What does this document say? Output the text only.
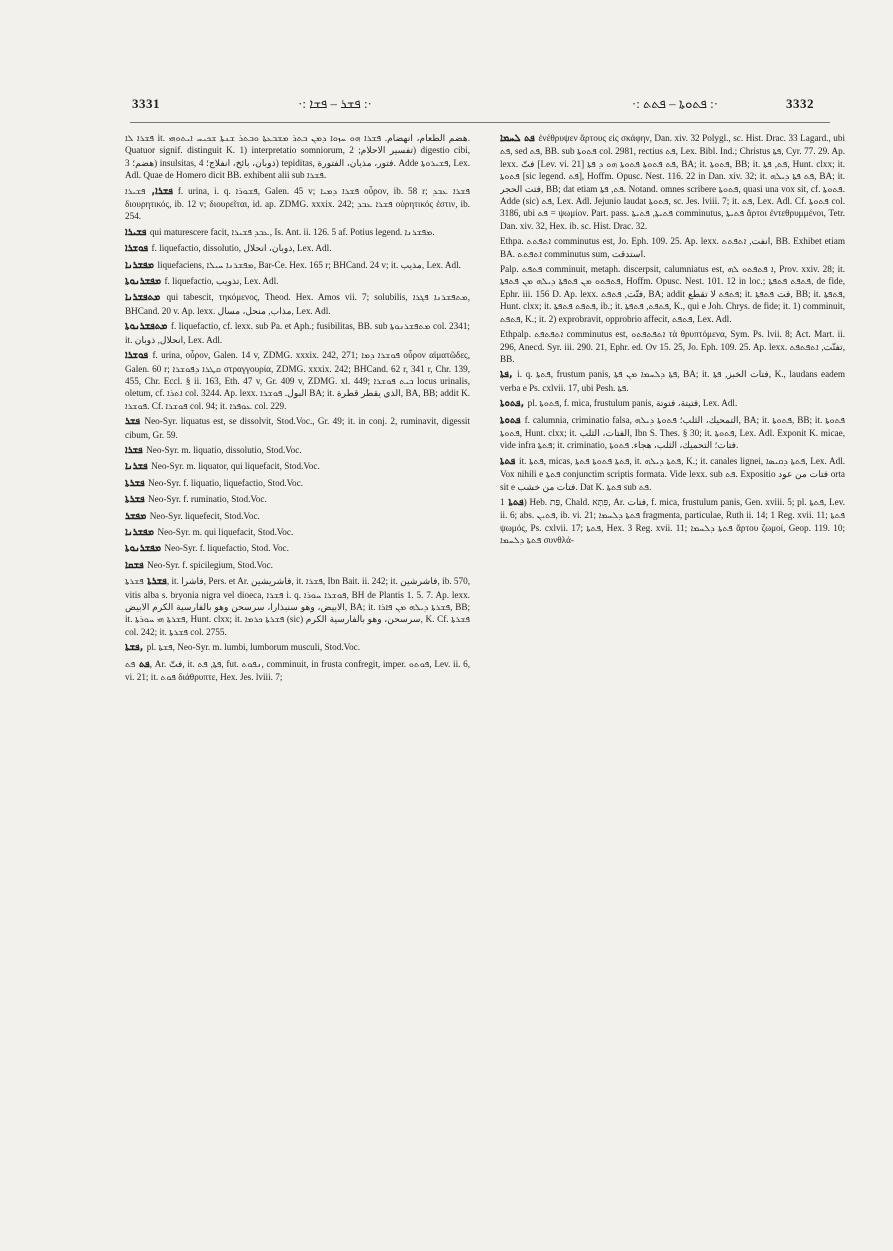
3331	·: ܦܫܪ – ܦܫܐ :·	·: ܦܬܘܬܐ – ܦܬܬ :·	3332

ܦܫܪܐ ܠܐ it. هضم الطعام، انهضام. ܦܫܪܐ ܗܘ ܚܙܘܐ ܕܡܢ ܒܬܪ ܡܫܒܥܬܐ ܘܒܬܪ ܫܢܬܐ ܫܟܝܚ ܐܝܬܘܗܝ. Quatuor signif. distinguit K. 1) interpretatio somniorum, تفسير الاحلام; 2) digestio cibi, هضم؛ 3) insulsitas, ذوبان، بائخ، انفلاج؛ 4) tepiditas, فتور، مذيان، الفتورة. Adde ܦܫܝܪܘܬܐ, Lex. Adl. Quae de Homero dicit BB. exhibent alii sub ܦܫܪܐ.

ܦܫܪܐ, ܦܫܝܪܐ f. urina, i. q. ܦܫܘܪܐ, Galen. 45 v; ܦܫܪܐ ܕܡܝܐ οὖρον, ib. 58 r; ܦܫܪܐ ܥܒܕ διουρητικός, ib. 12 v; διουρεῖται, id. ap. ZDMG. xxxix. 242; ܦܫܪܐ ܥܒܕ οὐρητικός ἐστιν, ib. 254.

ܦܫܝܪܐ qui maturescere facit, ܥܒܕ ܦܫܝܪܐ, Is. Ant. ii. 126. 5 af. Potius legend. ܡܦܫܪܢܐ.

ܦܘܫܪܐ f. liquefactio, dissolutio, ذوبان، انحلال, Lex. Adl.

ܡܦܫܪܢܐ liquefaciens, ܡܦܫܪܢܐ ܚܝܠܐ, Bar-Ce. Hex. 165 r; BHCand. 24 v; it. مذيب, Lex. Adl.

ܡܦܫܪܢܘܬܐ f. liquefactio, تذويب, Lex. Adl.

ܡܬܦܫܪܢܐ qui tabescit, τηκόμενος, Theod. Hex. Amos vii. 7; solubilis, ܡܬܦܫܪܢܐ ܦܓܪܐ, BHCand. 20 v. Ap. lexx. مذاب, منحل، مسال, Lex. Adl.

ܡܬܦܫܪܢܘܬܐ f. liquefactio, cf. lexx. sub Pa. et Aph.; fusibilitas, BB. sub ܡܬܦܫܪܢܘܬܐ col. 2341; it. انحلال, ذوبان, Lex. Adl.

ܦܘܫܪܐ f. urina, οὖρον, Galen. 14 v, ZDMG. xxxix. 242, 271; ܦܘܫܪܐ ܕܡܐ οὖρον αἱματῶδες, Galen. 60 r; ܩܛܪܐ ܕܦܘܫܪܐ στραγγουρία, ZDMG. xxxix. 242; BHCand. 62 r, 341 r, Chr. 139, 455, Chr. Eccl. § ii. 163, Eth. 47 v, Gr. 409 v, ZDMG. xl. 449; ܒܝܬ ܦܘܫܪܐ locus urinalis, oletum, cf. ܐܬܪܐ col. 3244. Ap. lexx. البول. ܦܘܫܪܐ BA; it. الذي يقطر قطرة, BA, BB; addit K. ܦܘܫܪܐ. Cf. ܦܘܫܪܐ col. 94; it. ܥܘܦܪܐ col. 229.

ܦܫܪ Neo-Syr. liquatus est, se dissolvit, Stod.Voc., Gr. 49; it. in conj. 2, ruminavit, digessit cibum, Gr. 59.

ܦܫܪܐ Neo-Syr. m. liquatio, dissolutio, Stod.Voc.

ܦܫܪܢܐ Neo-Syr. m. liquator, qui liquefacit, Stod.Voc.

ܦܫܪܬܐ Neo-Syr. f. liquatio, liquefactio, Stod.Voc.

ܦܫܪܬܐ Neo-Syr. f. ruminatio, Stod.Voc.

ܡܦܫܪ Neo-Syr. liquefecit, Stod.Voc.

ܡܦܫܪܢܐ Neo-Syr. m. qui liquefacit, Stod.Voc.

ܡܦܫܪܢܘܬܐ Neo-Syr. f. liquefactio, Stod. Voc.

ܦܫܩܐ Neo-Syr. f. spicilegium, Stod.Voc.

ܦܫܪܬܐ ܦܫܪܬܐ, it. فاشرا, Pers. et Ar. فاشريشين, it. ܦܫܪܐ, Ibn Bait. ii. 242; it. فاشرشين, ib. 570, vitis alba s. bryonia nigra vel dioeca, ܦܫܪܐ i. q. ܦܘܫܪܐ ܚܘܪܐ, BH de Plantis 1. 5. 7. Ap. lexx. الابيض، وهو سنبذارا، سرسحن وهو بالفارسية الكرم الابيض, BA; it. ܦܫܪܬܐ ܕܝܠܗ ܡܢ ܦܐܪܐ, BB; it. ܦܫܪܬܐ ܗܝ ܚܘܪܬܐ, Hunt. clxx; it. ܦܫܪܬܐ ܟܪܡܐ (sic) سرسحن، وهو بالفارسية الكرم, K. Cf. ܦܫܪܬܐ col. 242; it. ܦܫܪܬܐ col. 2755.

ܦܫܬܐ, pl. ܦܫܬܐ, Neo-Syr. m. lumbi, lumborum musculi, Stod.Voc.

ܦܬ ܦܬ, Ar. فتّ, it. ܦܬܐ, ܦܬ, fut. ܢܦܘܬ, comminuit, in frusta confregit, imper. ܦܘܬܘ, Lev. ii. 6, vi. 21; it. ܦܘܬ διάθρυπτε, Hex. Jes. lviii. 7;

ܦܬ ܠܚܡܐ ἐνέθρυψεν ἄρτους εἰς σκάφην, Dan. xiv. 32 Polygl., sc. Hist. Drac. 33 Lagard., ubi ܦܬ, sed ܦܬ, BB. sub ܦܬܘܬܐ col. 2981, rectius ܦܬ, Lex. Bibl. Ind.; Christus ܦܬܐ, Cyr. 77. 29. Ap. lexx. فتّ [Lev. vi. 21] ܦܬ ܦܬܘܬܐ ܦܬܘܬܐ ܗܘ ܕ ܦܬܐ, BA; it. ܦܬܘܬܐ, BB; it. ܦܬ, ܦܬܐ, Hunt. clxx; it. ܦܬܘܬܐ [sic legend. ܦܬ], Hoffm. Opusc. Nest. 116. 22 in Dan. xiv. 32; it. ܦܬ ܦܬܐ ܕܝܠܗ, BA; it. فتت الحجر, BB; dat etiam ܦܬ, ܦܬܐ. Notand. omnes scribere ܦܬܘܬܐ, quasi una vox sit, cf. ܦܬܘܬܐ. Adde (sic) ܦܬ, Lex. Adl. Jejunio laudat ܦܬܘܬܐ, sc. Jes. lviii. 7; it. ܦܬ, Lex. Adl. Cf. ܦܬܘܬܐ col. 3186, ubi ܦܬ = ψωμίον. Part. pass. ܦܬܝܬܐ, ܦܬܝܬܐ comminutus, ܦܬܝܬܐ ἄρτοι ἐντεθρυμμένοι, Tetr. Dan. xiv. 32, Hex. ib. sc. Hist. Drac. 32.

Ethpa. ܐܬܦܬܬ comminutus est, Jo. Eph. 109. 25. Ap. lexx. انفت, ܐܬܦܬܬ, BB. Exhibet etiam BA. ܐܬܦܬܬ comminutus sum, استدقت.

Palp. ܦܬܦܬ comminuit, metaph. discerpsit, calumniatus est, ܐ ܦܬܦܬܘ ܠܗ, Prov. xxiv. 28; it. ܦܬܦܬܘ ܡܢ ܦܬܦܬܐ ܕܝܠܗ ܡܢ ܦܬܦܬܐ, Hoffm. Opusc. Nest. 101. 12 in loc.; ܦܬܦܬ ܦܬܦܬܐ, de fide, Ephr. iii. 156 D. Ap. lexx. فتّت, ܦܬܦܬ, BA; addit ܦܬܦܬ لا تقطع; it. فت ܦܬܦܬܐ, BB; it. ܦܬܦܬܐ, Hunt. clxx; it. ܦܬܦܬ ܦܬܦܬܐ, ib.; it. ܦܬܦܬ, ܦܬܦܬܐ, K., qui e Joh. Chrys. de fide; it. 1) comminuit, ܦܬܦܬ, K.; it. 2) exprobravit, opprobrio affecit, ܦܬܦܬ, Lex. Adl.

Ethpalp. ܐܬܦܬܦܬ comminutus est, ܐܬܦܬܦܬܘ τὰ θρυπτόμενα, Sym. Ps. lvii. 8; Act. Mart. ii. 296, Anecd. Syr. iii. 290. 21, Ephr. ed. Ov 15. 25, Jo. Eph. 109. 25. Ap. lexx. تفتّت, ܐܬܦܬܦܬ, BB.

ܦܬܐ, i. q. ܦܬܬܐ, frustum panis, ܦܬܐ ܕܠܚܡܐ ܡܢ ܦܬܐ, BA; it. فتات الخبز, ܦܬܐ, K., laudans eadem verba e Ps. cxlvii. 17, ubi Pesh. ܦܬܐ.

ܦܬܘܬܐ, pl. ܦܬܘܬܐ, f. mica, frustulum panis, فتيتة، فتوتة, Lex. Adl.

ܦܬܘܬܐ f. calumnia, criminatio falsa, التمحيك، الثلب؛ ܦܬܘܬܐ ܕܝܠܗ, BA; it. ܦܬܘܬܐ, BB; it. ܦܬܘܬܐ ܦܬܘܬܐ, Hunt. clxx; it. الفتات، الثلب, Ibn S. Thes. § 30; it. ܦܬܘܬܐ, Lex. Adl. Exponit K. micae, vide infra ܦܬܬܐ; it. criminatio, فتات؛ التحميك، الثلب، هجاء. ܦܬܘܬܐ.

ܦܬܬܐ it. ܦܬܬܐ, micas, ܦܬܬܐ ܦܬܘܬܐ ܦܬܬܐ, it. ܦܬܬܐ ܕܝܠܗ, K.; it. canales lignei, ܦܬܬܐ ܕܩܝܣܐ, Lex. Adl. Vox nihili e ܦܬܬܐ conjunctim scriptis formata. Vide lexx. sub ܦܬ. Expositio فتات من عود orta sit e فتات من خشب. Dat K. ܦܬܬܐ sub ܦܬ.

ܦܬܬܐ 1) Heb. פַּת, Chald. פִּתָּא, Ar. فتات, f. mica, frustulum panis, Gen. xviii. 5; pl. ܦܬܬܐ, Lev. ii. 6; abs. ܦܬܝܢ, ib. vi. 21; ܦܬܬܐ ܕܠܚܡܐ fragmenta, particulae, Ruth ii. 14; 1 Reg. xvii. 11; ܦܬܬܐ ψωμός, Ps. cxlvii. 17; ܦܬܬܐ, Hex. 3 Reg. xvii. 11; ܦܬܬܐ ܕܠܚܡܐ ἄρτου ζωμοί, Geop. 119. 10; ܦܬܬܐ ܕܠܚܡܐ συνθλά-
